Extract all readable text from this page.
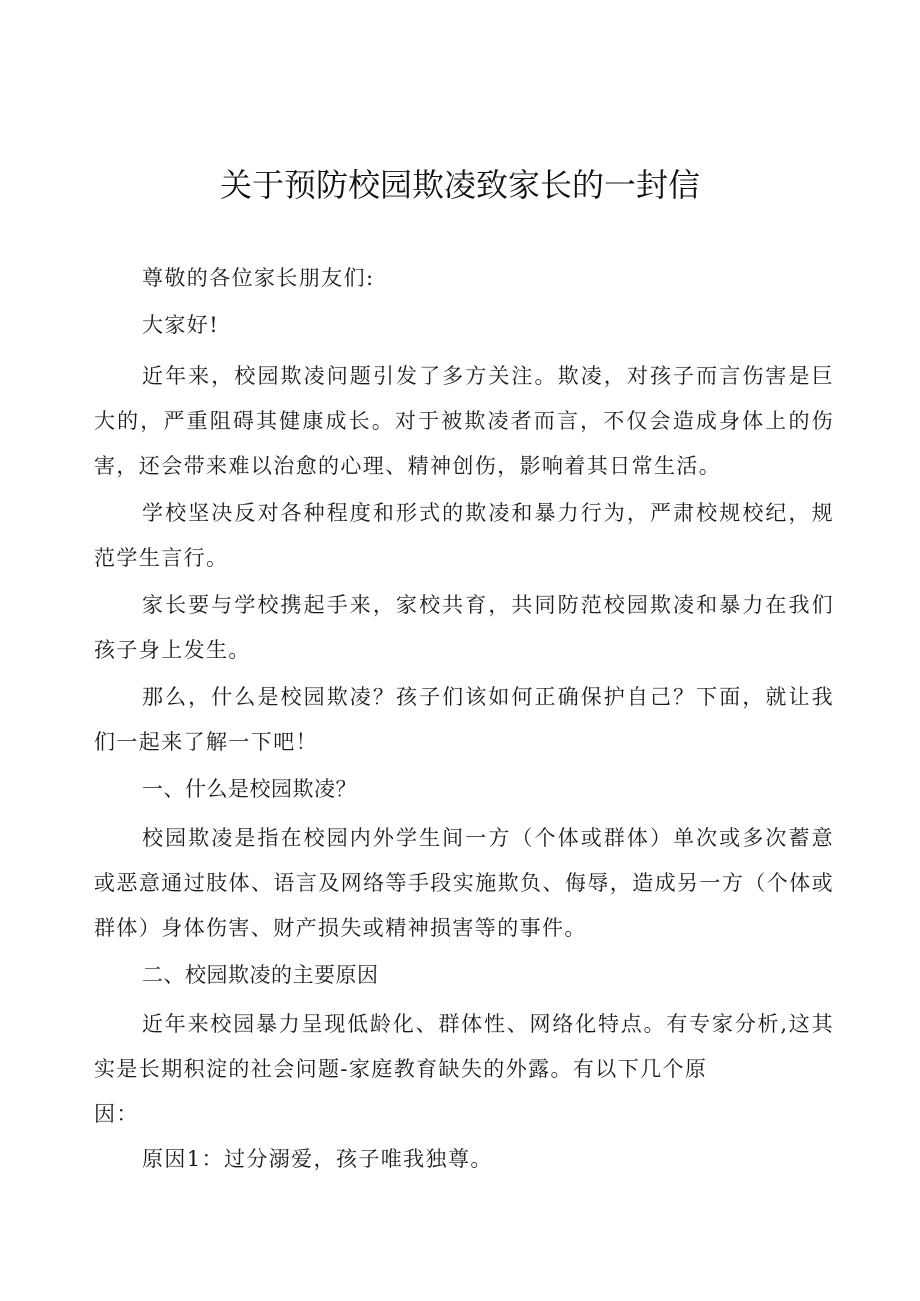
关于预防校园欺凌致家长的一封信

尊敬的各位家长朋友们:

大家好!

近年来，校园欺凌问题引发了多方关注。欺凌，对孩子而言伤害是巨大的，严重阻碍其健康成长。对于被欺凌者而言，不仅会造成身体上的伤害，还会带来难以治愈的心理、精神创伤，影响着其日常生活。

学校坚决反对各种程度和形式的欺凌和暴力行为，严肃校规校纪，规范学生言行。

家长要与学校携起手来，家校共育，共同防范校园欺凌和暴力在我们孩子身上发生。

那么，什么是校园欺凌？孩子们该如何正确保护自己？下面，就让我们一起来了解一下吧！

一、什么是校园欺凌？

校园欺凌是指在校园内外学生间一方（个体或群体）单次或多次蓄意或恶意通过肢体、语言及网络等手段实施欺负、侮辱，造成另一方（个体或群体）身体伤害、财产损失或精神损害等的事件。

二、校园欺凌的主要原因

近年来校园暴力呈现低龄化、群体性、网络化特点。有专家分析,这其实是长期积淀的社会问题-家庭教育缺失的外露。有以下几个原

因：

原因1：过分溺爱，孩子唯我独尊。
